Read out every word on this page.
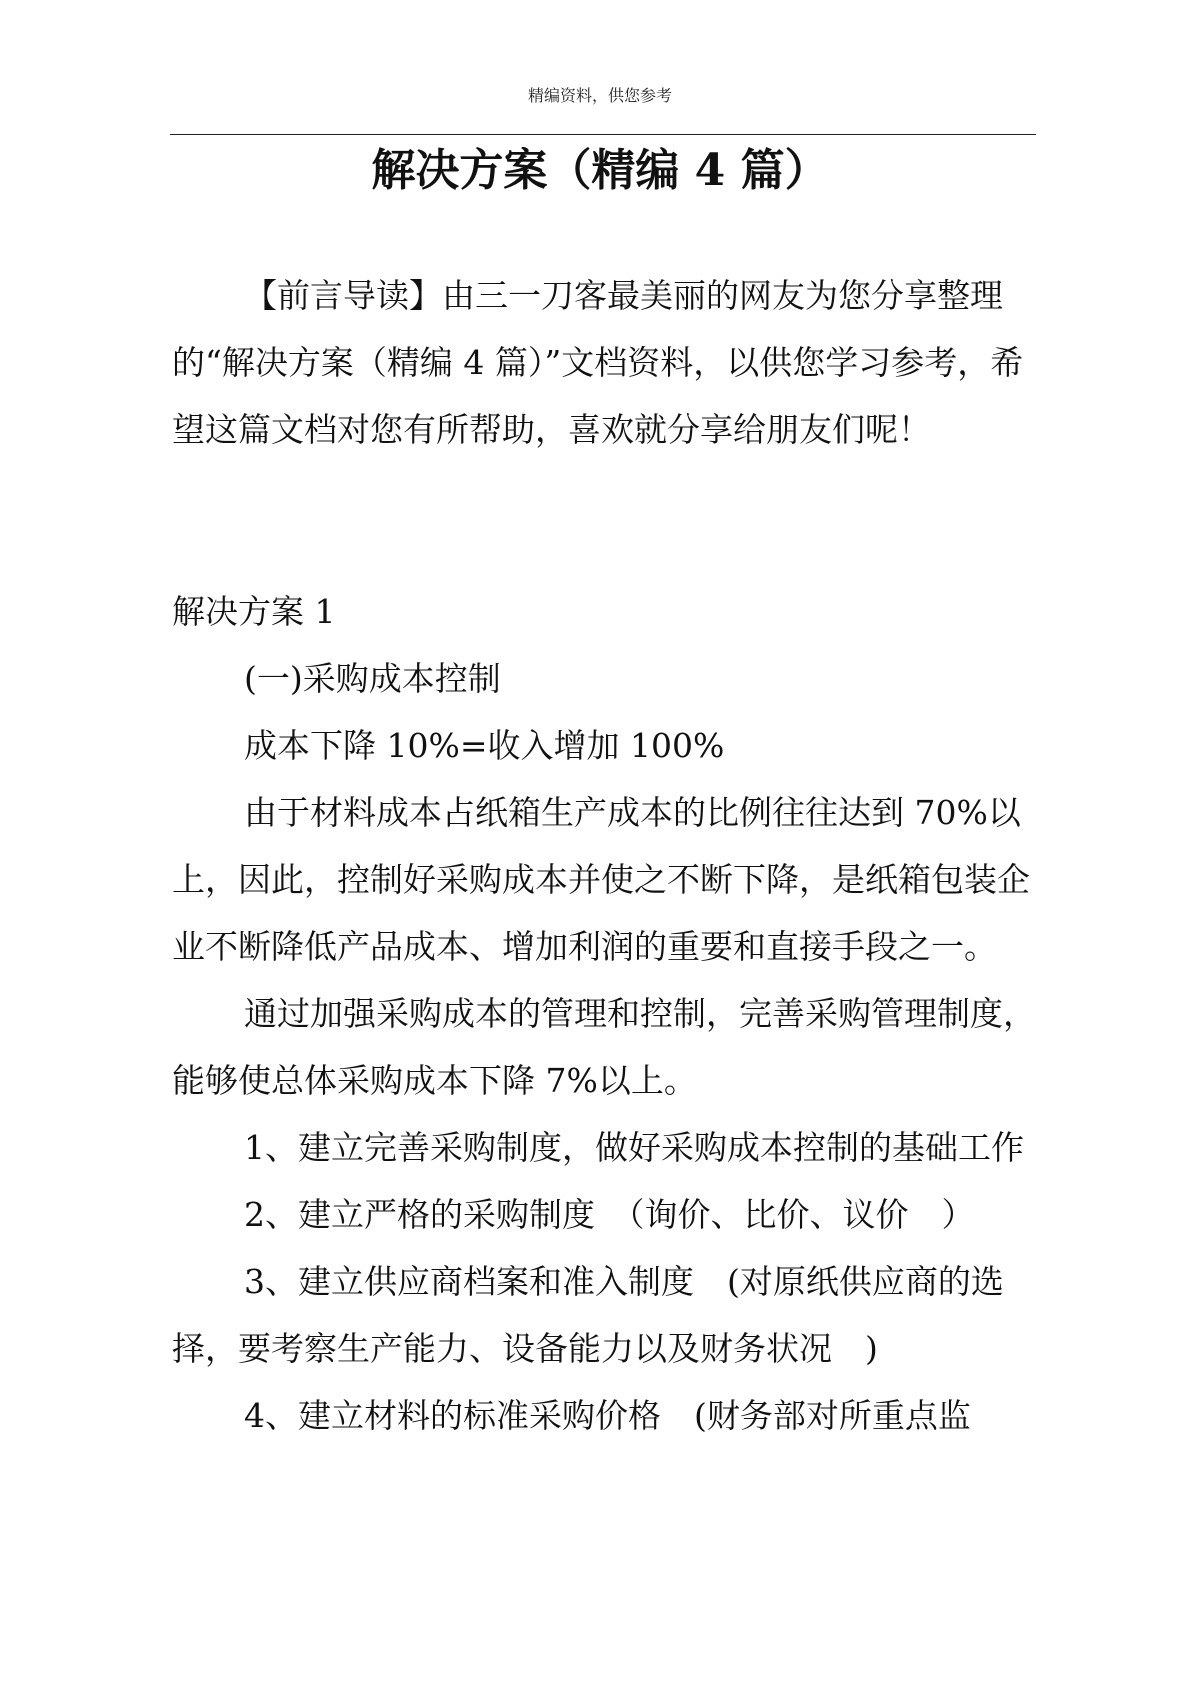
精编资料，供您参考
解决方案（精编 4 篇）

【前言导读】由三一刀客最美丽的网友为您分享整理的“解决方案（精编 4 篇）”文档资料，以供您学习参考，希望这篇文档对您有所帮助，喜欢就分享给朋友们呢！

解决方案 1

(一)采购成本控制

成本下降 10%=收入增加 100%

由于材料成本占纸箱生产成本的比例往往达到 70%以上，因此，控制好采购成本并使之不断下降，是纸箱包装企业不断降低产品成本、增加利润的重要和直接手段之一。

通过加强采购成本的管理和控制，完善采购管理制度，能够使总体采购成本下降 7%以上。

1、建立完善采购制度，做好采购成本控制的基础工作

2、建立严格的采购制度　（询价、比价、议价　）

3、建立供应商档案和准入制度　(对原纸供应商的选择，要考察生产能力、设备能力以及财务状况　)

4、建立材料的标准采购价格　(财务部对所重点监
